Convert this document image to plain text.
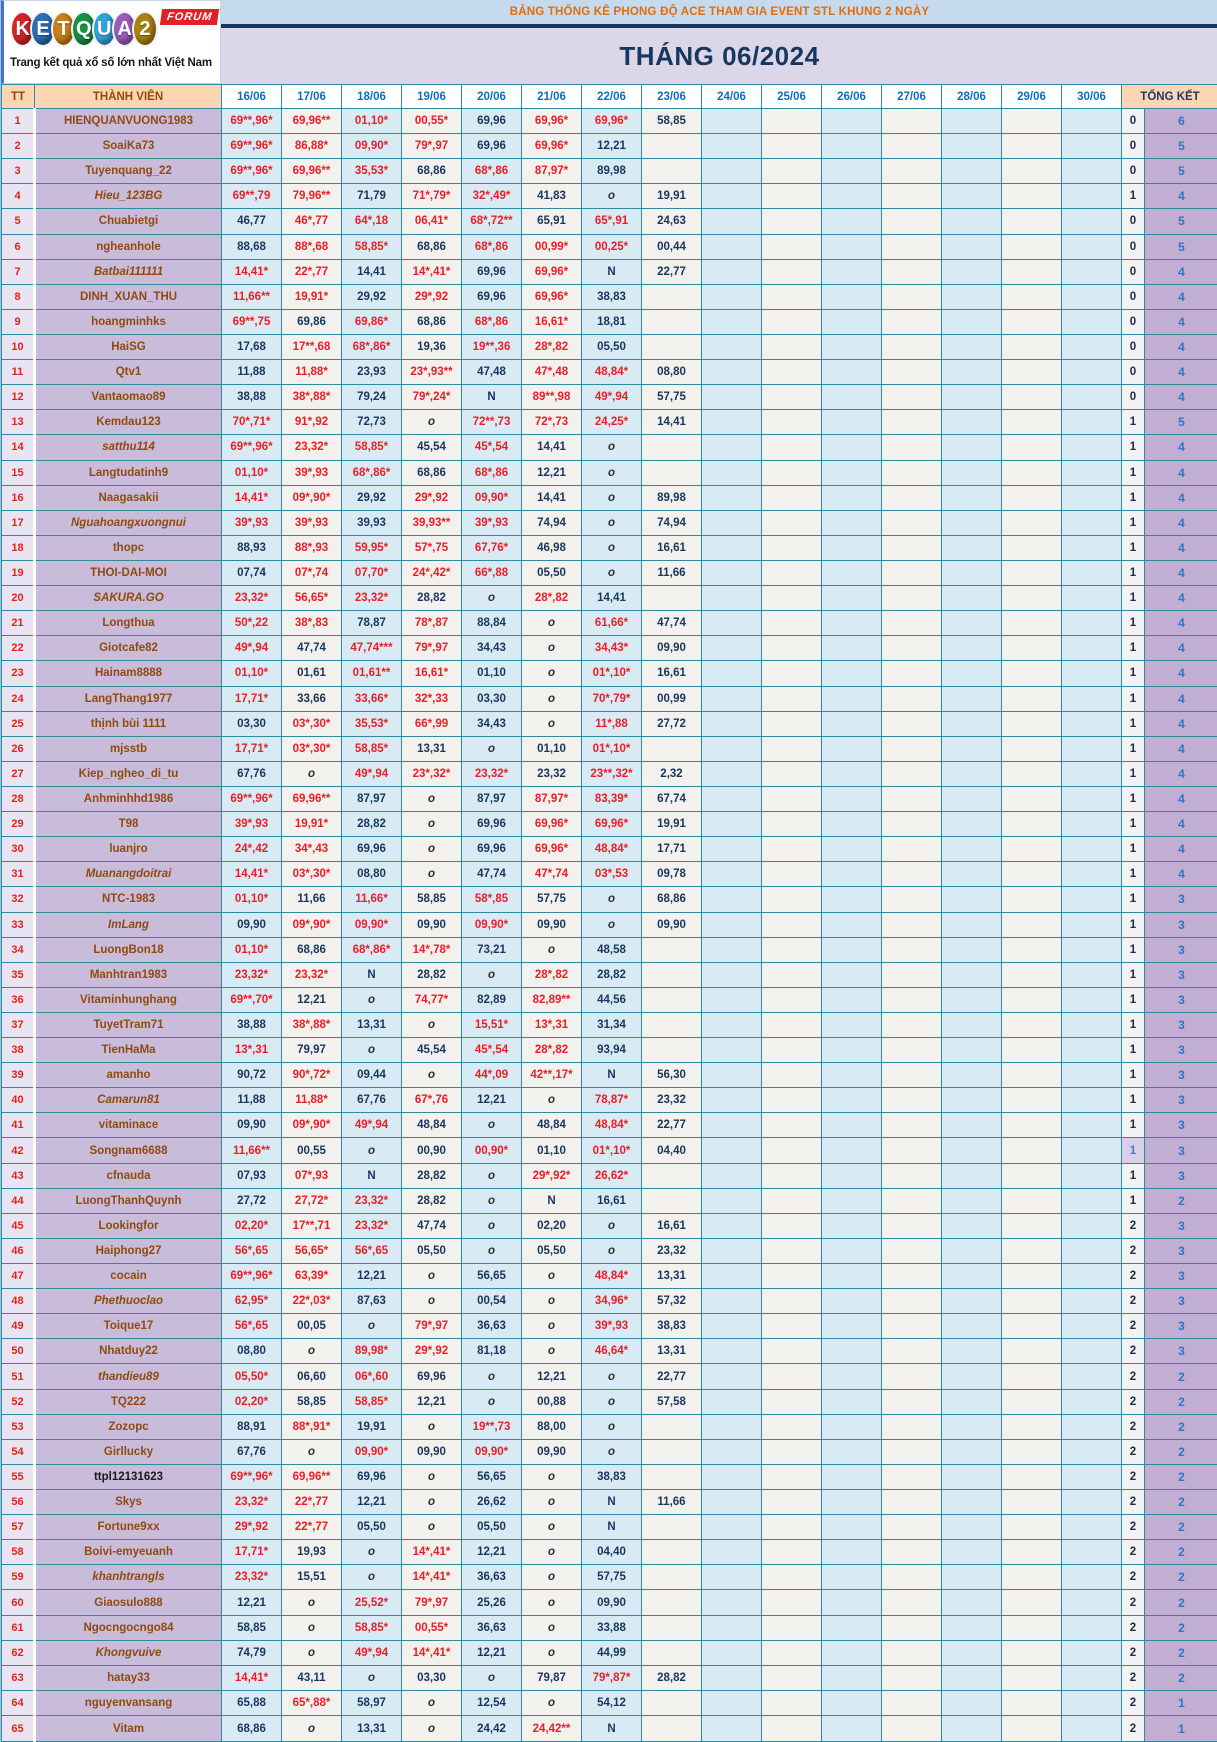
K E T Q U A 2
FORUM
Trang kết quả xổ số lớn nhất Việt Nam
BẢNG THỐNG KÊ PHONG ĐỘ ACE THAM GIA EVENT STL KHUNG 2 NGÀY
THÁNG 06/2024
TT	THÀNH VIÊN	16/06	17/06	18/06	19/06	20/06	21/06	22/06	23/06	24/06	25/06	26/06	27/06	28/06	29/06	30/06	TỔNG KẾT	
1	HIENQUANVUONG1983	69**,96*	69,96**	01,10*	00,55*	69,96	69,96*	69,96*	58,85								0	6
2	SoaiKa73	69**,96*	86,88*	09,90*	79*,97	69,96	69,96*	12,21									0	5
3	Tuyenquang_22	69**,96*	69,96**	35,53*	68,86	68*,86	87,97*	89,98									0	5
4	Hieu_123BG	69**,79	79,96**	71,79	71*,79*	32*,49*	41,83	o	19,91								1	4
5	Chuabietgi	46,77	46*,77	64*,18	06,41*	68*,72**	65,91	65*,91	24,63								0	5
6	ngheanhole	88,68	88*,68	58,85*	68,86	68*,86	00,99*	00,25*	00,44								0	5
7	Batbai111111	14,41*	22*,77	14,41	14*,41*	69,96	69,96*	N	22,77								0	4
8	DINH_XUAN_THU	11,66**	19,91*	29,92	29*,92	69,96	69,96*	38,83									0	4
9	hoangminhks	69**,75	69,86	69,86*	68,86	68*,86	16,61*	18,81									0	4
10	HaiSG	17,68	17**,68	68*,86*	19,36	19**,36	28*,82	05,50									0	4
11	Qtv1	11,88	11,88*	23,93	23*,93**	47,48	47*,48	48,84*	08,80								0	4
12	Vantaomao89	38,88	38*,88*	79,24	79*,24*	N	89**,98	49*,94	57,75								0	4
13	Kemdau123	70*,71*	91*,92	72,73	o	72**,73	72*,73	24,25*	14,41								1	5
14	satthu114	69**,96*	23,32*	58,85*	45,54	45*,54	14,41	o									1	4
15	Langtudatinh9	01,10*	39*,93	68*,86*	68,86	68*,86	12,21	o									1	4
16	Naagasakii	14,41*	09*,90*	29,92	29*,92	09,90*	14,41	o	89,98								1	4
17	Nguahoangxuongnui	39*,93	39*,93	39,93	39,93**	39*,93	74,94	o	74,94								1	4
18	thopc	88,93	88*,93	59,95*	57*,75	67,76*	46,98	o	16,61								1	4
19	THOI-DAI-MOI	07,74	07*,74	07,70*	24*,42*	66*,88	05,50	o	11,66								1	4
20	SAKURA.GO	23,32*	56,65*	23,32*	28,82	o	28*,82	14,41									1	4
21	Longthua	50*,22	38*,83	78,87	78*,87	88,84	o	61,66*	47,74								1	4
22	Giotcafe82	49*,94	47,74	47,74***	79*,97	34,43	o	34,43*	09,90								1	4
23	Hainam8888	01,10*	01,61	01,61**	16,61*	01,10	o	01*,10*	16,61								1	4
24	LangThang1977	17,71*	33,66	33,66*	32*,33	03,30	o	70*,79*	00,99								1	4
25	thịnh bùi 1111	03,30	03*,30*	35,53*	66*,99	34,43	o	11*,88	27,72								1	4
26	mjsstb	17,71*	03*,30*	58,85*	13,31	o	01,10	01*,10*									1	4
27	Kiep_ngheo_di_tu	67,76	o	49*,94	23*,32*	23,32*	23,32	23**,32*	2,32								1	4
28	Anhminhhd1986	69**,96*	69,96**	87,97	o	87,97	87,97*	83,39*	67,74								1	4
29	T98	39*,93	19,91*	28,82	o	69,96	69,96*	69,96*	19,91								1	4
30	luanjro	24*,42	34*,43	69,96	o	69,96	69,96*	48,84*	17,71								1	4
31	Muanangdoitrai	14,41*	03*,30*	08,80	o	47,74	47*,74	03*,53	09,78								1	4
32	NTC-1983	01,10*	11,66	11,66*	58,85	58*,85	57,75	o	68,86								1	3
33	ImLang	09,90	09*,90*	09,90*	09,90	09,90*	09,90	o	09,90								1	3
34	LuongBon18	01,10*	68,86	68*,86*	14*,78*	73,21	o	48,58									1	3
35	Manhtran1983	23,32*	23,32*	N	28,82	o	28*,82	28,82									1	3
36	Vitaminhunghang	69**,70*	12,21	o	74,77*	82,89	82,89**	44,56									1	3
37	TuyetTram71	38,88	38*,88*	13,31	o	15,51*	13*,31	31,34									1	3
38	TienHaMa	13*,31	79,97	o	45,54	45*,54	28*,82	93,94									1	3
39	amanho	90,72	90*,72*	09,44	o	44*,09	42**,17*	N	56,30								1	3
40	Camarun81	11,88	11,88*	67,76	67*,76	12,21	o	78,87*	23,32								1	3
41	vitaminace	09,90	09*,90*	49*,94	48,84	o	48,84	48,84*	22,77								1	3
42	Songnam6688	11,66**	00,55	o	00,90	00,90*	01,10	01*,10*	04,40								1	3
43	cfnauda	07,93	07*,93	N	28,82	o	29*,92*	26,62*									1	3
44	LuongThanhQuynh	27,72	27,72*	23,32*	28,82	o	N	16,61									1	2
45	Lookingfor	02,20*	17**,71	23,32*	47,74	o	02,20	o	16,61								2	3
46	Haiphong27	56*,65	56,65*	56*,65	05,50	o	05,50	o	23,32								2	3
47	cocain	69**,96*	63,39*	12,21	o	56,65	o	48,84*	13,31								2	3
48	Phethuoclao	62,95*	22*,03*	87,63	o	00,54	o	34,96*	57,32								2	3
49	Toique17	56*,65	00,05	o	79*,97	36,63	o	39*,93	38,83								2	3
50	Nhatduy22	08,80	o	89,98*	29*,92	81,18	o	46,64*	13,31								2	3
51	thandieu89	05,50*	06,60	06*,60	69,96	o	12,21	o	22,77								2	2
52	TQ222	02,20*	58,85	58,85*	12,21	o	00,88	o	57,58								2	2
53	Zozopc	88,91	88*,91*	19,91	o	19**,73	88,00	o									2	2
54	Girllucky	67,76	o	09,90*	09,90	09,90*	09,90	o									2	2
55	ttpl12131623	69**,96*	69,96**	69,96	o	56,65	o	38,83									2	2
56	Skys	23,32*	22*,77	12,21	o	26,62	o	N	11,66								2	2
57	Fortune9xx	29*,92	22*,77	05,50	o	05,50	o	N									2	2
58	Boivi-emyeuanh	17,71*	19,93	o	14*,41*	12,21	o	04,40									2	2
59	khanhtrangls	23,32*	15,51	o	14*,41*	36,63	o	57,75									2	2
60	Giaosulo888	12,21	o	25,52*	79*,97	25,26	o	09,90									2	2
61	Ngocngocngo84	58,85	o	58,85*	00,55*	36,63	o	33,88									2	2
62	Khongvuive	74,79	o	49*,94	14*,41*	12,21	o	44,99									2	2
63	hatay33	14,41*	43,11	o	03,30	o	79,87	79*,87*	28,82								2	2
64	nguyenvansang	65,88	65*,88*	58,97	o	12,54	o	54,12									2	1
65	Vitam	68,86	o	13,31	o	24,42	24,42**	N									2	1
